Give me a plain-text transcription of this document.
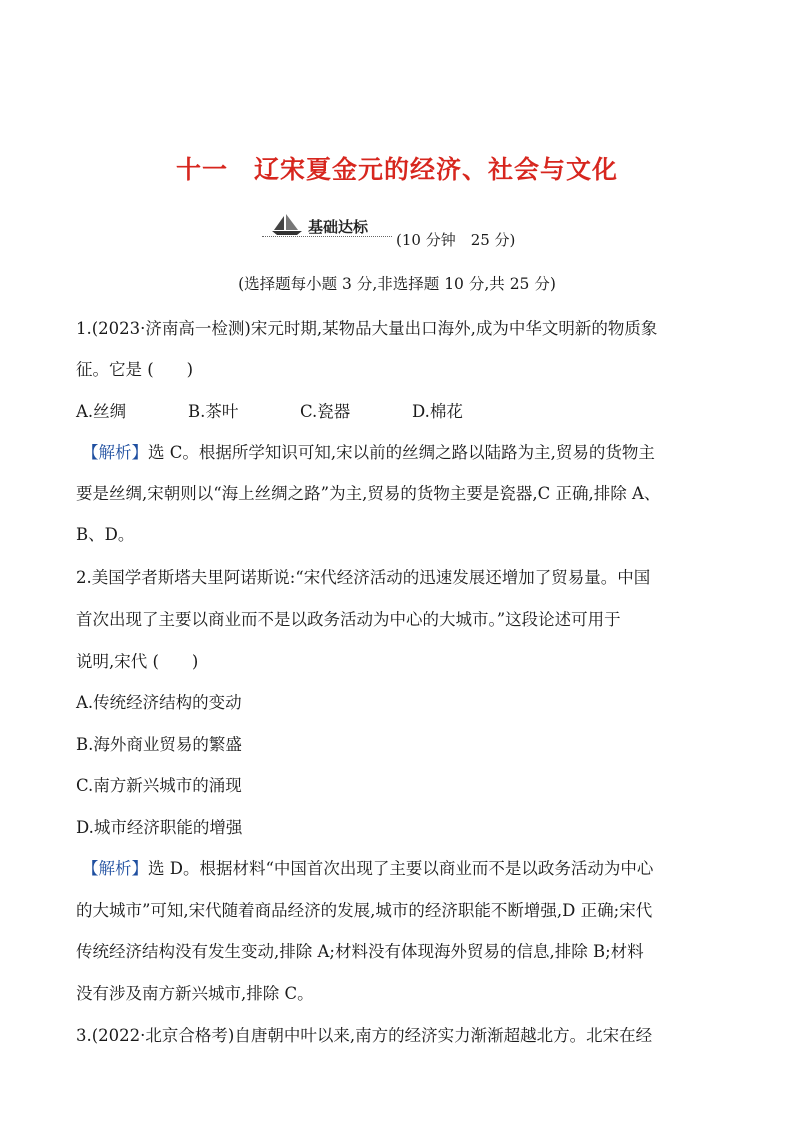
十一 辽宋夏金元的经济、社会与文化
基础达标
(10 分钟　25 分)
(选择题每小题 3 分,非选择题 10 分,共 25 分)
1.(2023·济南高一检测)宋元时期,某物品大量出口海外,成为中华文明新的物质象
征。它是 (　　)
A.丝绸	B.茶叶	C.瓷器	D.棉花
【解析】选 C。根据所学知识可知,宋以前的丝绸之路以陆路为主,贸易的货物主
要是丝绸,宋朝则以“海上丝绸之路”为主,贸易的货物主要是瓷器,C 正确,排除 A、
B、D。
2.美国学者斯塔夫里阿诺斯说:“宋代经济活动的迅速发展还增加了贸易量。中国
首次出现了主要以商业而不是以政务活动为中心的大城市。”这段论述可用于
说明,宋代 (　　)
A.传统经济结构的变动
B.海外商业贸易的繁盛
C.南方新兴城市的涌现
D.城市经济职能的增强
【解析】选 D。根据材料“中国首次出现了主要以商业而不是以政务活动为中心
的大城市”可知,宋代随着商品经济的发展,城市的经济职能不断增强,D 正确;宋代
传统经济结构没有发生变动,排除 A;材料没有体现海外贸易的信息,排除 B;材料
没有涉及南方新兴城市,排除 C。
3.(2022·北京合格考)自唐朝中叶以来,南方的经济实力渐渐超越北方。北宋在经
